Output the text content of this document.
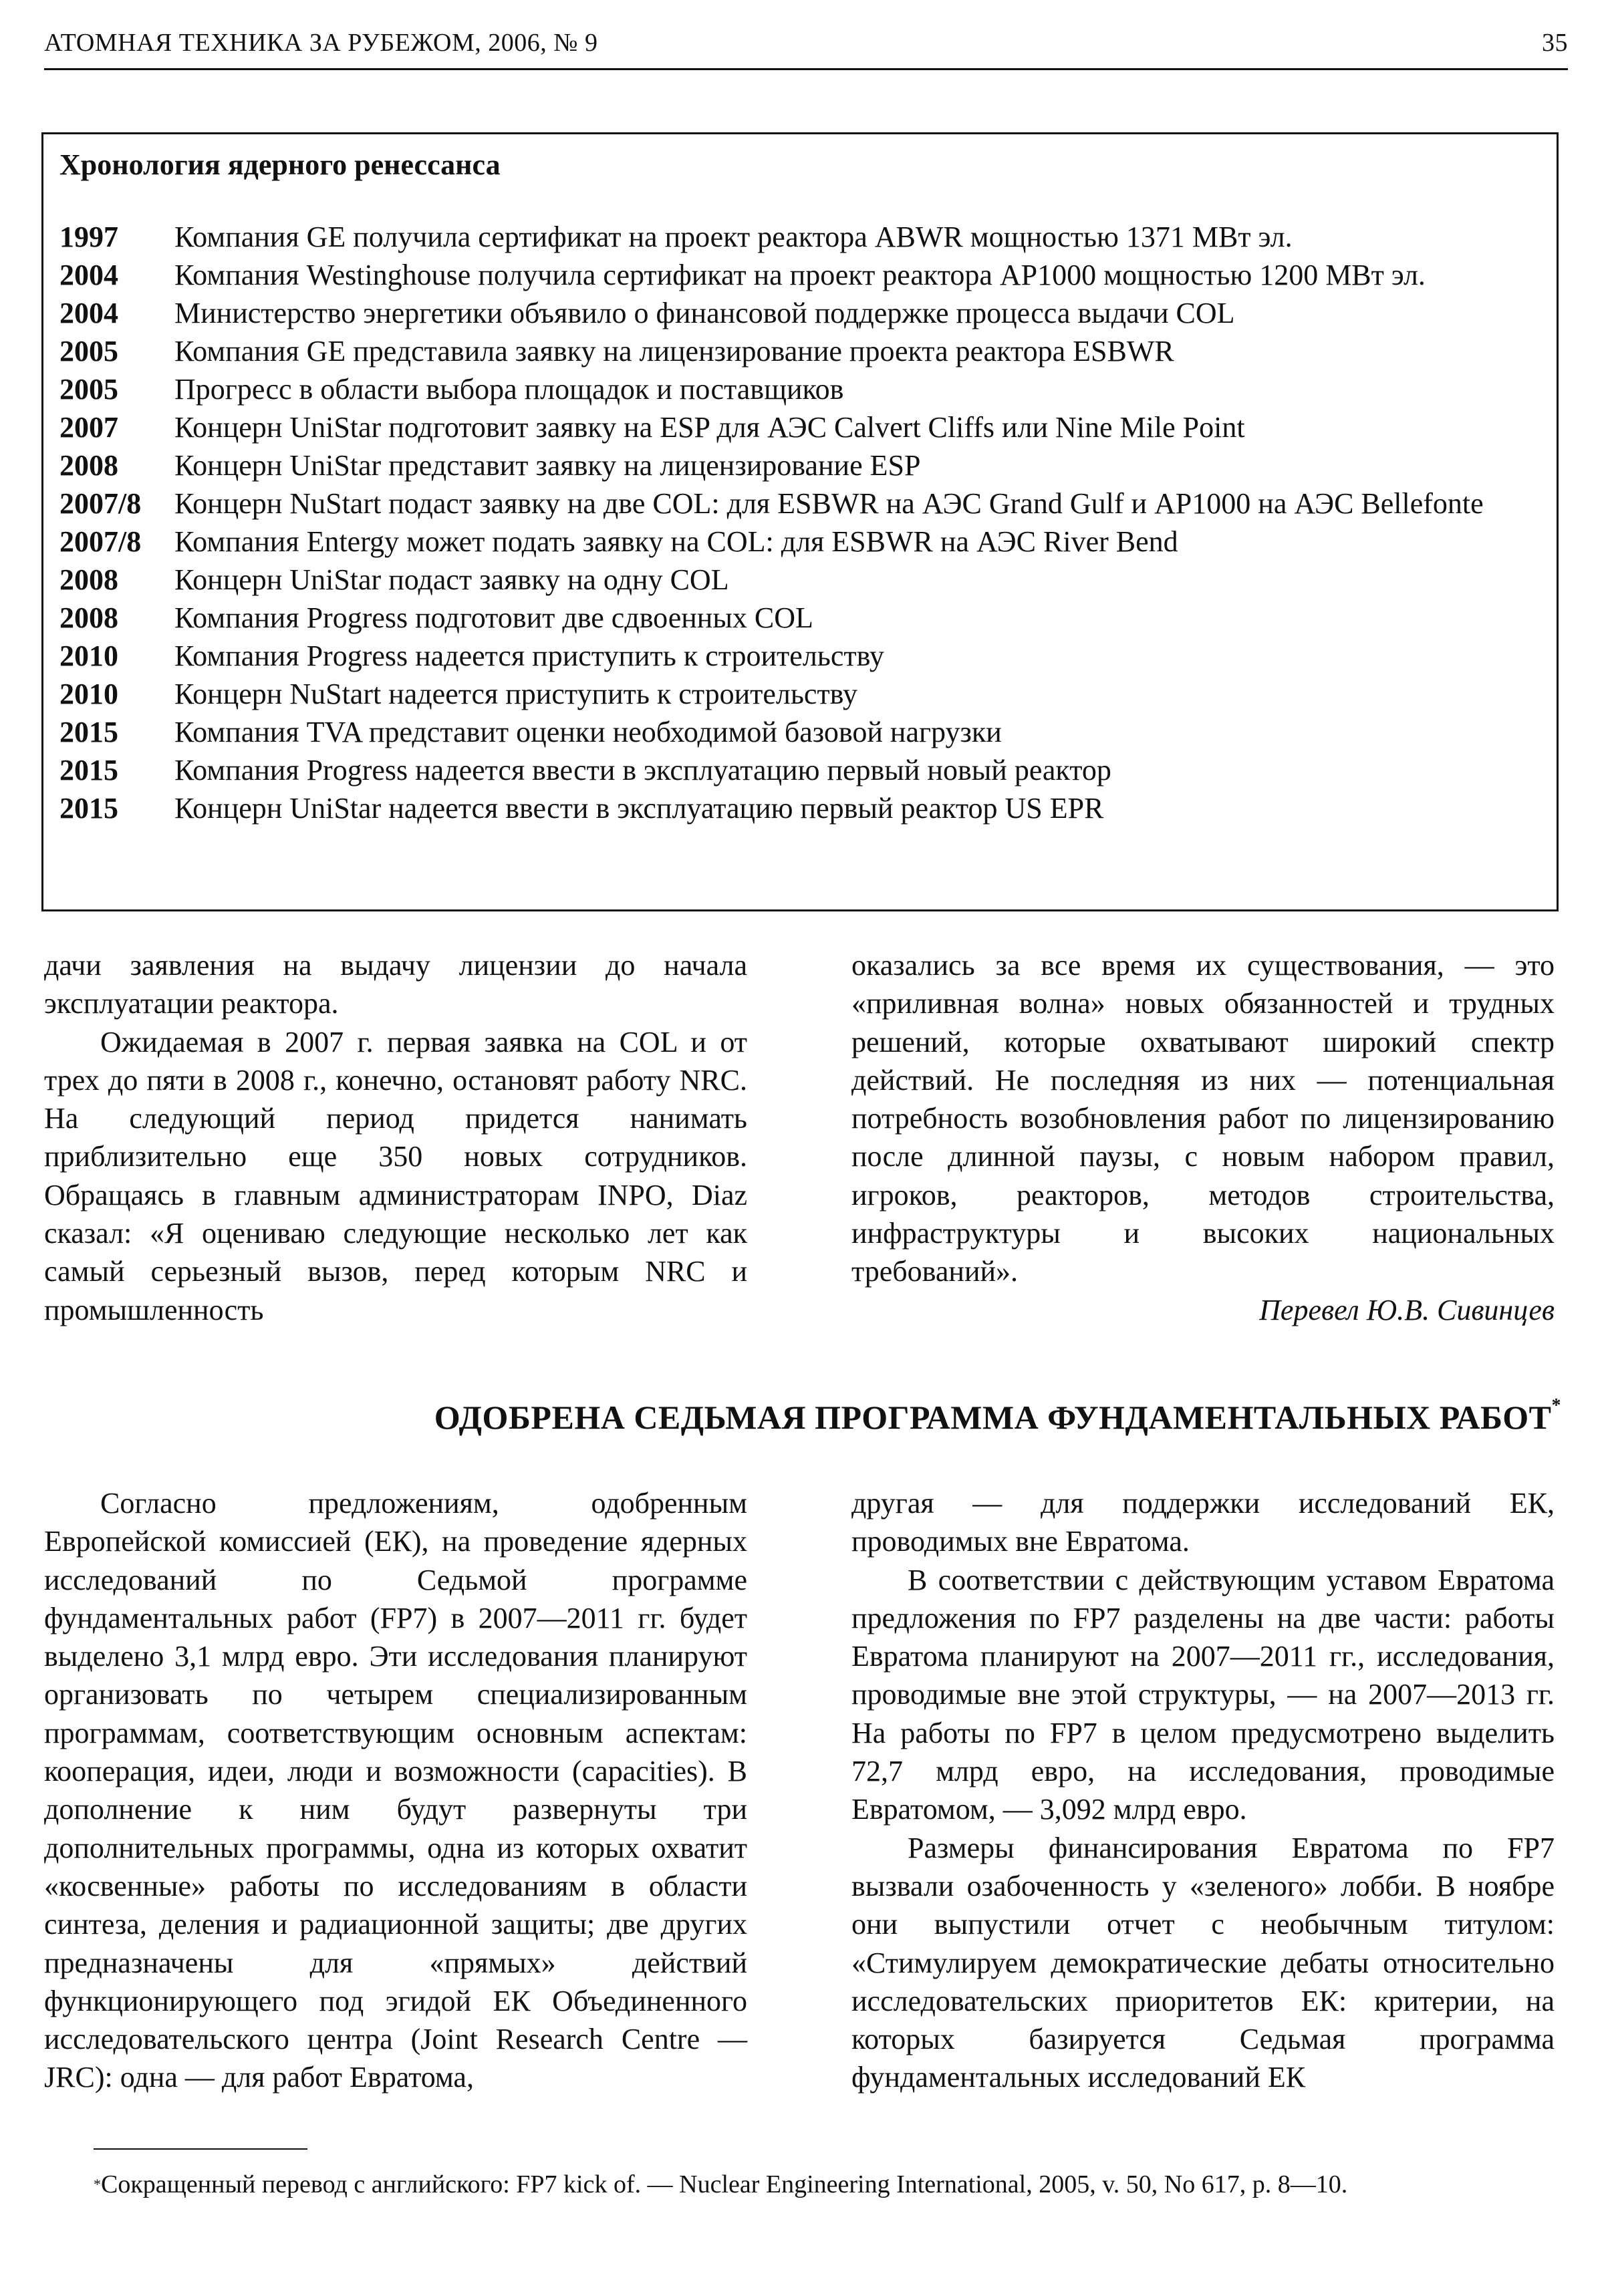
АТОМНАЯ ТЕХНИКА ЗА РУБЕЖОМ, 2006, № 9	35
Хронология ядерного ренессанса
1997	Компания GE получила сертификат на проект реактора ABWR мощностью 1371 МВт эл.
2004	Компания Westinghouse получила сертификат на проект реактора AP1000 мощностью 1200 МВт эл.
2004	Министерство энергетики объявило о финансовой поддержке процесса выдачи COL
2005	Компания GE представила заявку на лицензирование проекта реактора ESBWR
2005	Прогресс в области выбора площадок и поставщиков
2007	Концерн UniStar подготовит заявку на ESP для АЭС Calvert Cliffs или Nine Mile Point
2008	Концерн UniStar представит заявку на лицензирование ESP
2007/8	Концерн NuStart подаст заявку на две COL: для ESBWR на АЭС Grand Gulf и AP1000 на АЭС Bellefonte
2007/8	Компания Entergy может подать заявку на COL: для ESBWR на АЭС River Bend
2008	Концерн UniStar подаст заявку на одну COL
2008	Компания Progress подготовит две сдвоенных COL
2010	Компания Progress надеется приступить к строительству
2010	Концерн NuStart надеется приступить к строительству
2015	Компания TVA представит оценки необходимой базовой нагрузки
2015	Компания Progress надеется ввести в эксплуатацию первый новый реактор
2015	Концерн UniStar надеется ввести в эксплуатацию первый реактор US EPR

дачи заявления на выдачу лицензии до начала эксплуатации реактора.

Ожидаемая в 2007 г. первая заявка на COL и от трех до пяти в 2008 г., конечно, остановят работу NRC. На следующий период придется нанимать приблизительно еще 350 новых сотрудников. Обращаясь в главным администраторам INPO, Diaz сказал: «Я оцениваю следующие несколько лет как самый серьезный вызов, перед которым NRC и промышленность

оказались за все время их существования, — это «приливная волна» новых обязанностей и трудных решений, которые охватывают широкий спектр действий. Не последняя из них — потенциальная потребность возобновления работ по лицензированию после длинной паузы, с новым набором правил, игроков, реакторов, методов строительства, инфраструктуры и высоких национальных требований».

Перевел Ю.В. Сивинцев

ОДОБРЕНА СЕДЬМАЯ ПРОГРАММА ФУНДАМЕНТАЛЬНЫХ РАБОТ*

Согласно предложениям, одобренным Европейской комиссией (ЕК), на проведение ядерных исследований по Седьмой программе фундаментальных работ (FP7) в 2007—2011 гг. будет выделено 3,1 млрд евро. Эти исследования планируют организовать по четырем специализированным программам, соответствующим основным аспектам: кооперация, идеи, люди и возможности (capacities). В дополнение к ним будут развернуты три дополнительных программы, одна из которых охватит «косвенные» работы по исследованиям в области синтеза, деления и радиационной защиты; две других предназначены для «прямых» действий функционирующего под эгидой ЕК Объединенного исследовательского центра (Joint Research Centre — JRC): одна — для работ Евратома,

другая — для поддержки исследований ЕК, проводимых вне Евратома.

В соответствии с действующим уставом Евратома предложения по FP7 разделены на две части: работы Евратома планируют на 2007—2011 гг., исследования, проводимые вне этой структуры, — на 2007—2013 гг. На работы по FP7 в целом предусмотрено выделить 72,7 млрд евро, на исследования, проводимые Евратомом, — 3,092 млрд евро.

Размеры финансирования Евратома по FP7 вызвали озабоченность у «зеленого» лобби. В ноябре они выпустили отчет с необычным титулом: «Стимулируем демократические дебаты относительно исследовательских приоритетов ЕК: критерии, на которых базируется Седьмая программа фундаментальных исследований ЕК

*Сокращенный перевод с английского: FP7 kick of. — Nuclear Engineering International, 2005, v. 50, No 617, p. 8—10.
